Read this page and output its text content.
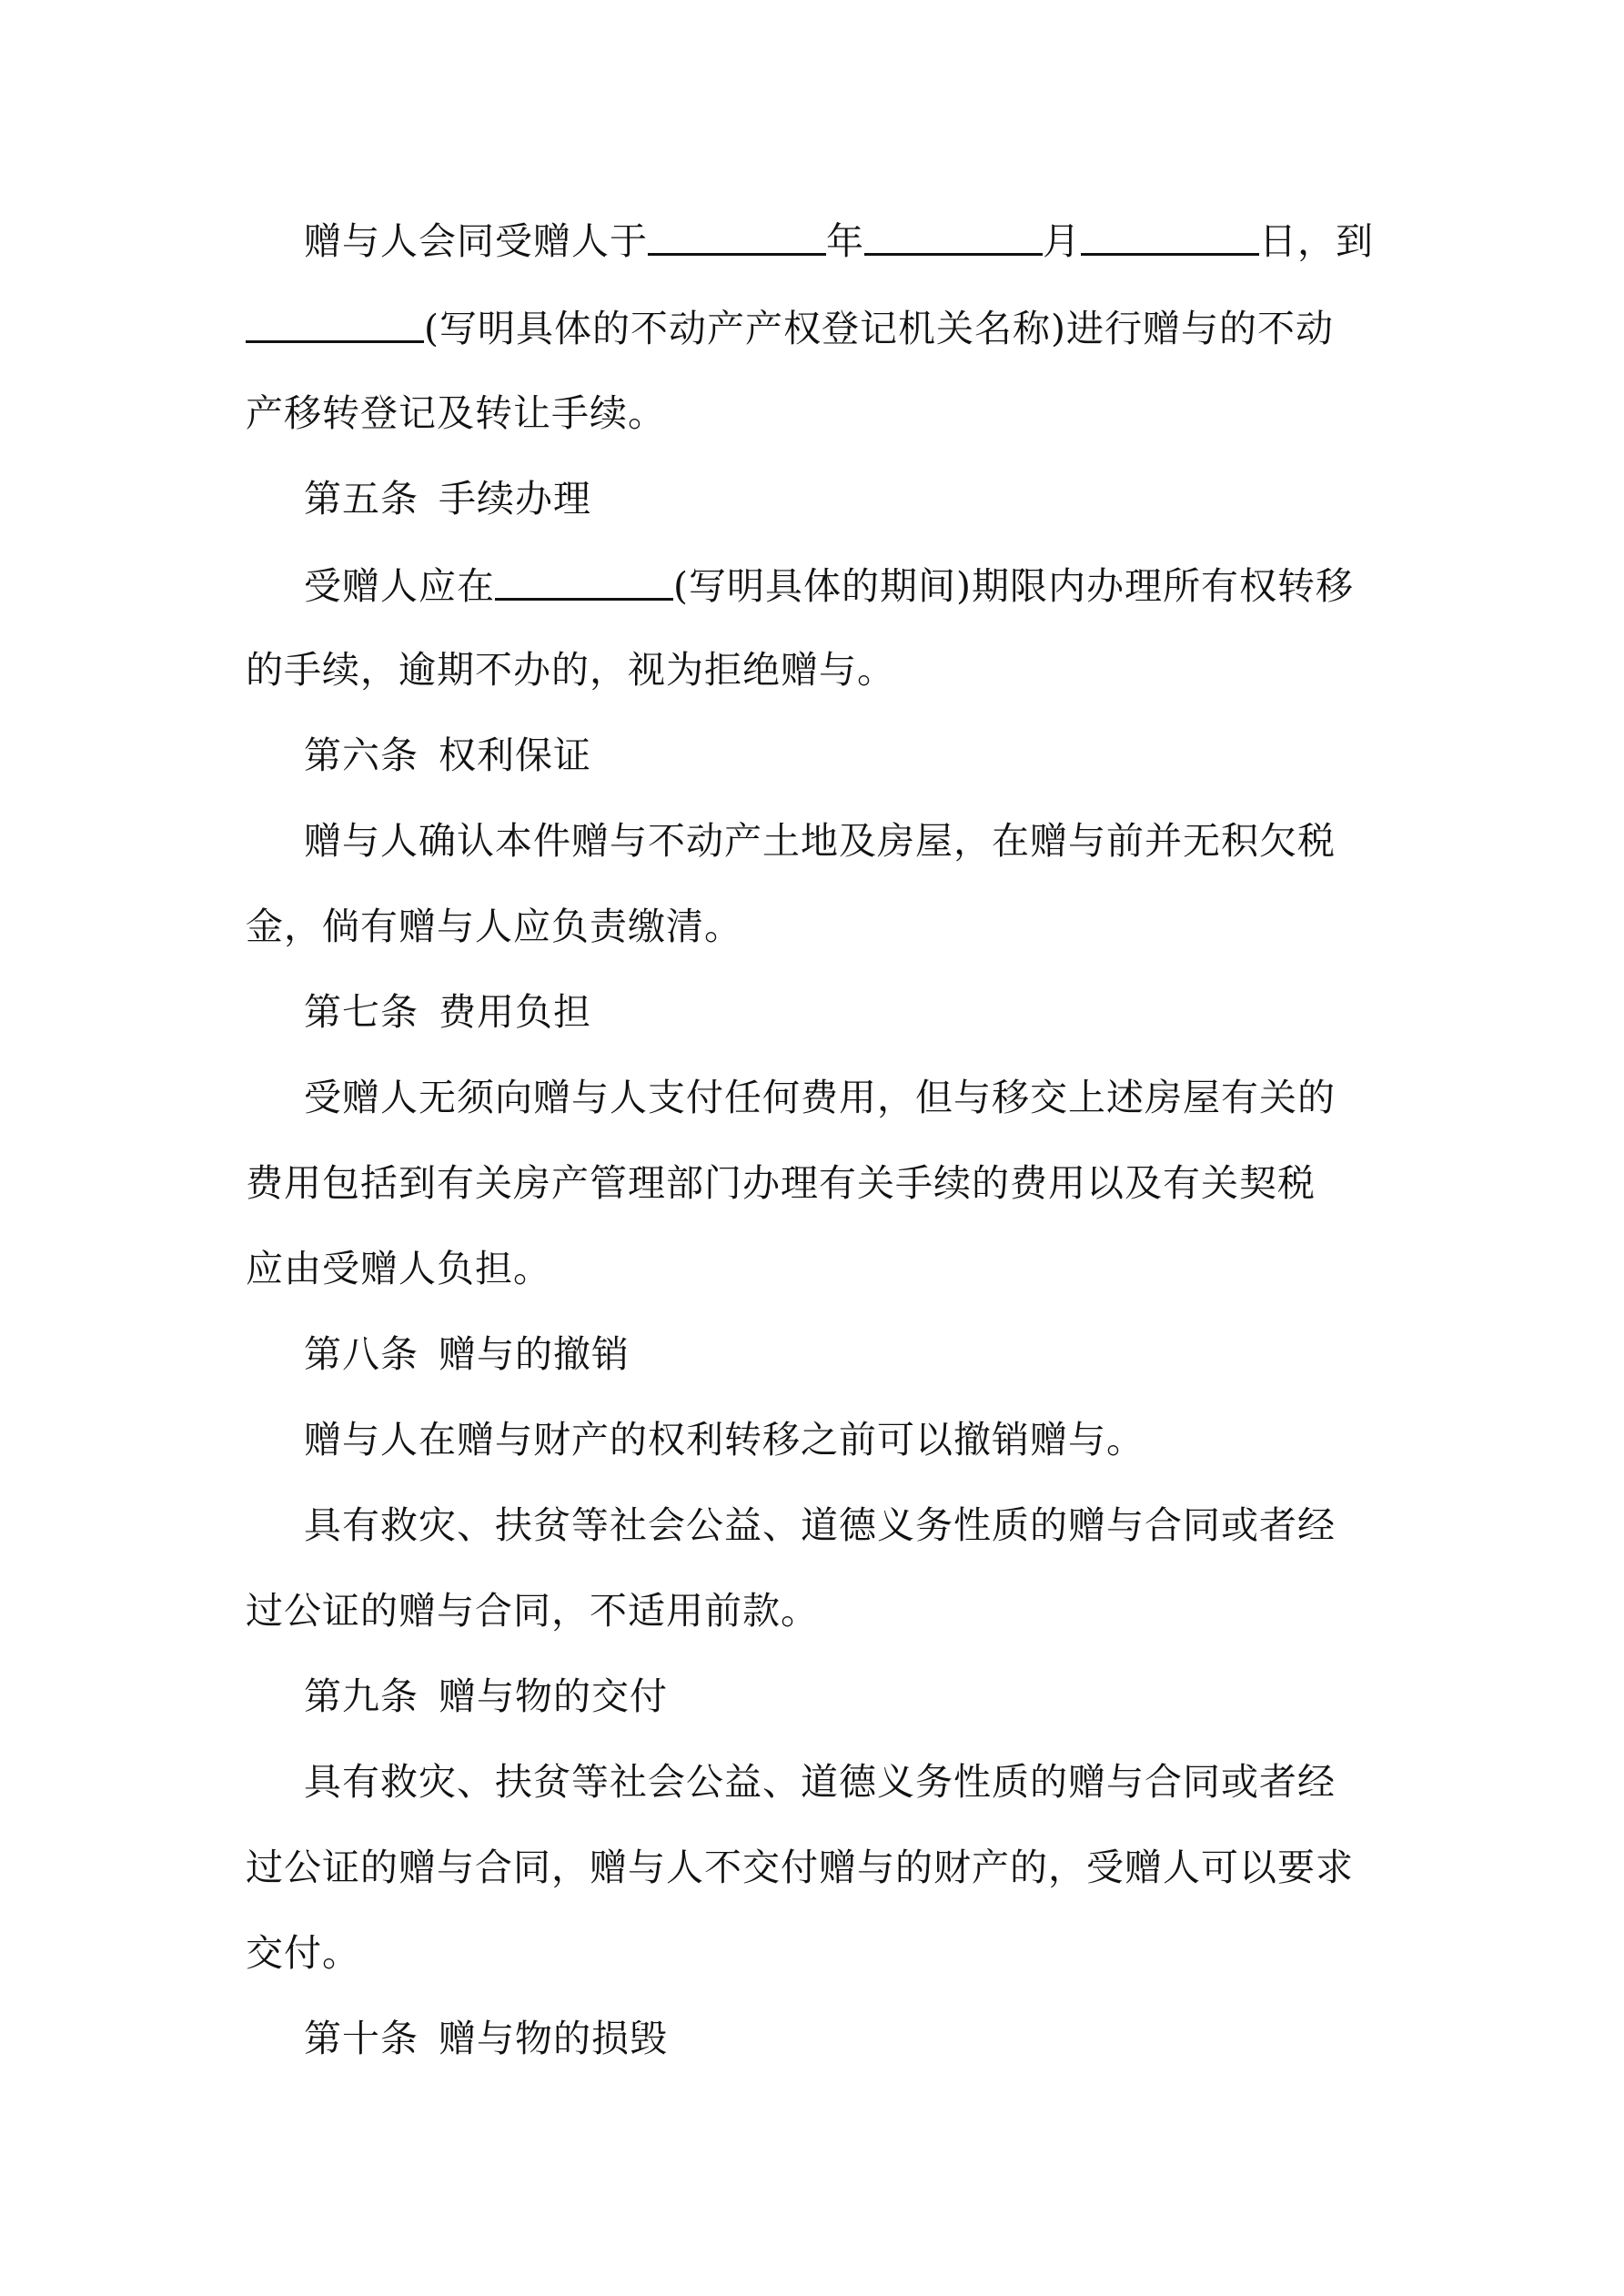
赠与人会同受赠人于	年	月	日，到
(写明具体的不动产产权登记机关名称)进行赠与的不动
产移转登记及转让手续。
第五条 手续办理
受赠人应在	(写明具体的期间)期限内办理所有权转移
的手续，逾期不办的，视为拒绝赠与。
第六条 权利保证
赠与人确认本件赠与不动产土地及房屋，在赠与前并无积欠税
金，倘有赠与人应负责缴清。
第七条 费用负担
受赠人无须向赠与人支付任何费用，但与移交上述房屋有关的
费用包括到有关房产管理部门办理有关手续的费用以及有关契税
应由受赠人负担。
第八条 赠与的撤销
赠与人在赠与财产的权利转移之前可以撤销赠与。
具有救灾、扶贫等社会公益、道德义务性质的赠与合同或者经
过公证的赠与合同，不适用前款。
第九条 赠与物的交付
具有救灾、扶贫等社会公益、道德义务性质的赠与合同或者经
过公证的赠与合同，赠与人不交付赠与的财产的，受赠人可以要求
交付。
第十条 赠与物的损毁
